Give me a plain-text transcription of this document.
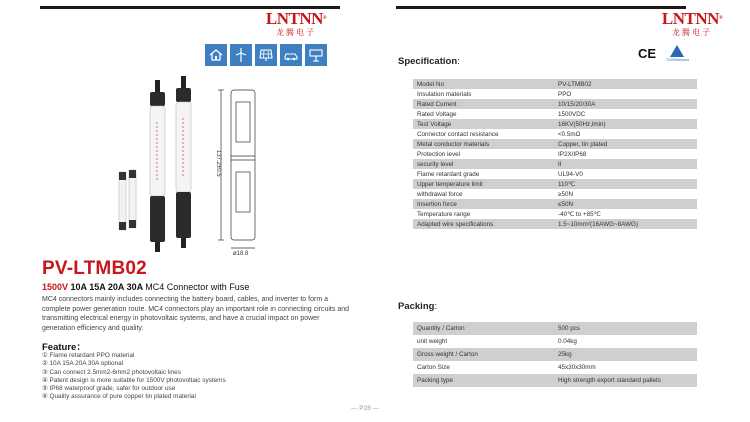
LNTNN®
龙腾电子
LNTNN®
龙腾电子
137.2±0.5
ø18.8
PV-LTMB02
1500V 10A 15A 20A 30A MC4 Connector with Fuse

MC4 connectors mainly includes connecting the battery board, cables, and inverter to form a complete power generation route. MC4 connectors play an important role in connecting circuits and transmitting electrical energy in photovoltaic systems, and have a crucial impact on power generation efficiency and quality.

Feature：
① Flame retardant PPO material
② 10A 15A 20A 30A optional
③ Can connect 2.5mm2-6mm2 photovoltaic lines
④ Patent design is more suitable for 1500V photovoltaic systems
⑤ IP68 waterproof grade, safer for outdoor use
⑥ Quality assurance of pure copper tin plated material
--- P28 ---
Specification:
CE	TÜVRheinland
Model No	PV-LTMB02
Insulation materials	PPO
Rated Current	10/15/20/30A
Rated Voltage	1500VDC
Test Voltage	16KV(50Hz,lmin)
Connector contact resistance	<0.5mΩ
Metal conductor materials	Copper, tin plated
Protection level	IP2X/IP68
security level	II
Flame retardant grade	UL94-V0
Upper temperature limit	110℃
withdrawal force	≥50N
Insertion force	≤50N
Temperature range	-40℃ to +85℃
Adapted wire specifications	1.5~10mm²(16AWG~8AWG)
Packing:
Quantity / Carton	500 pcs
unit weight	0.04kg
Gross weight / Carton	25kg
Carton Size	45x30x30mm
Packing type	High strength export standard pallets
